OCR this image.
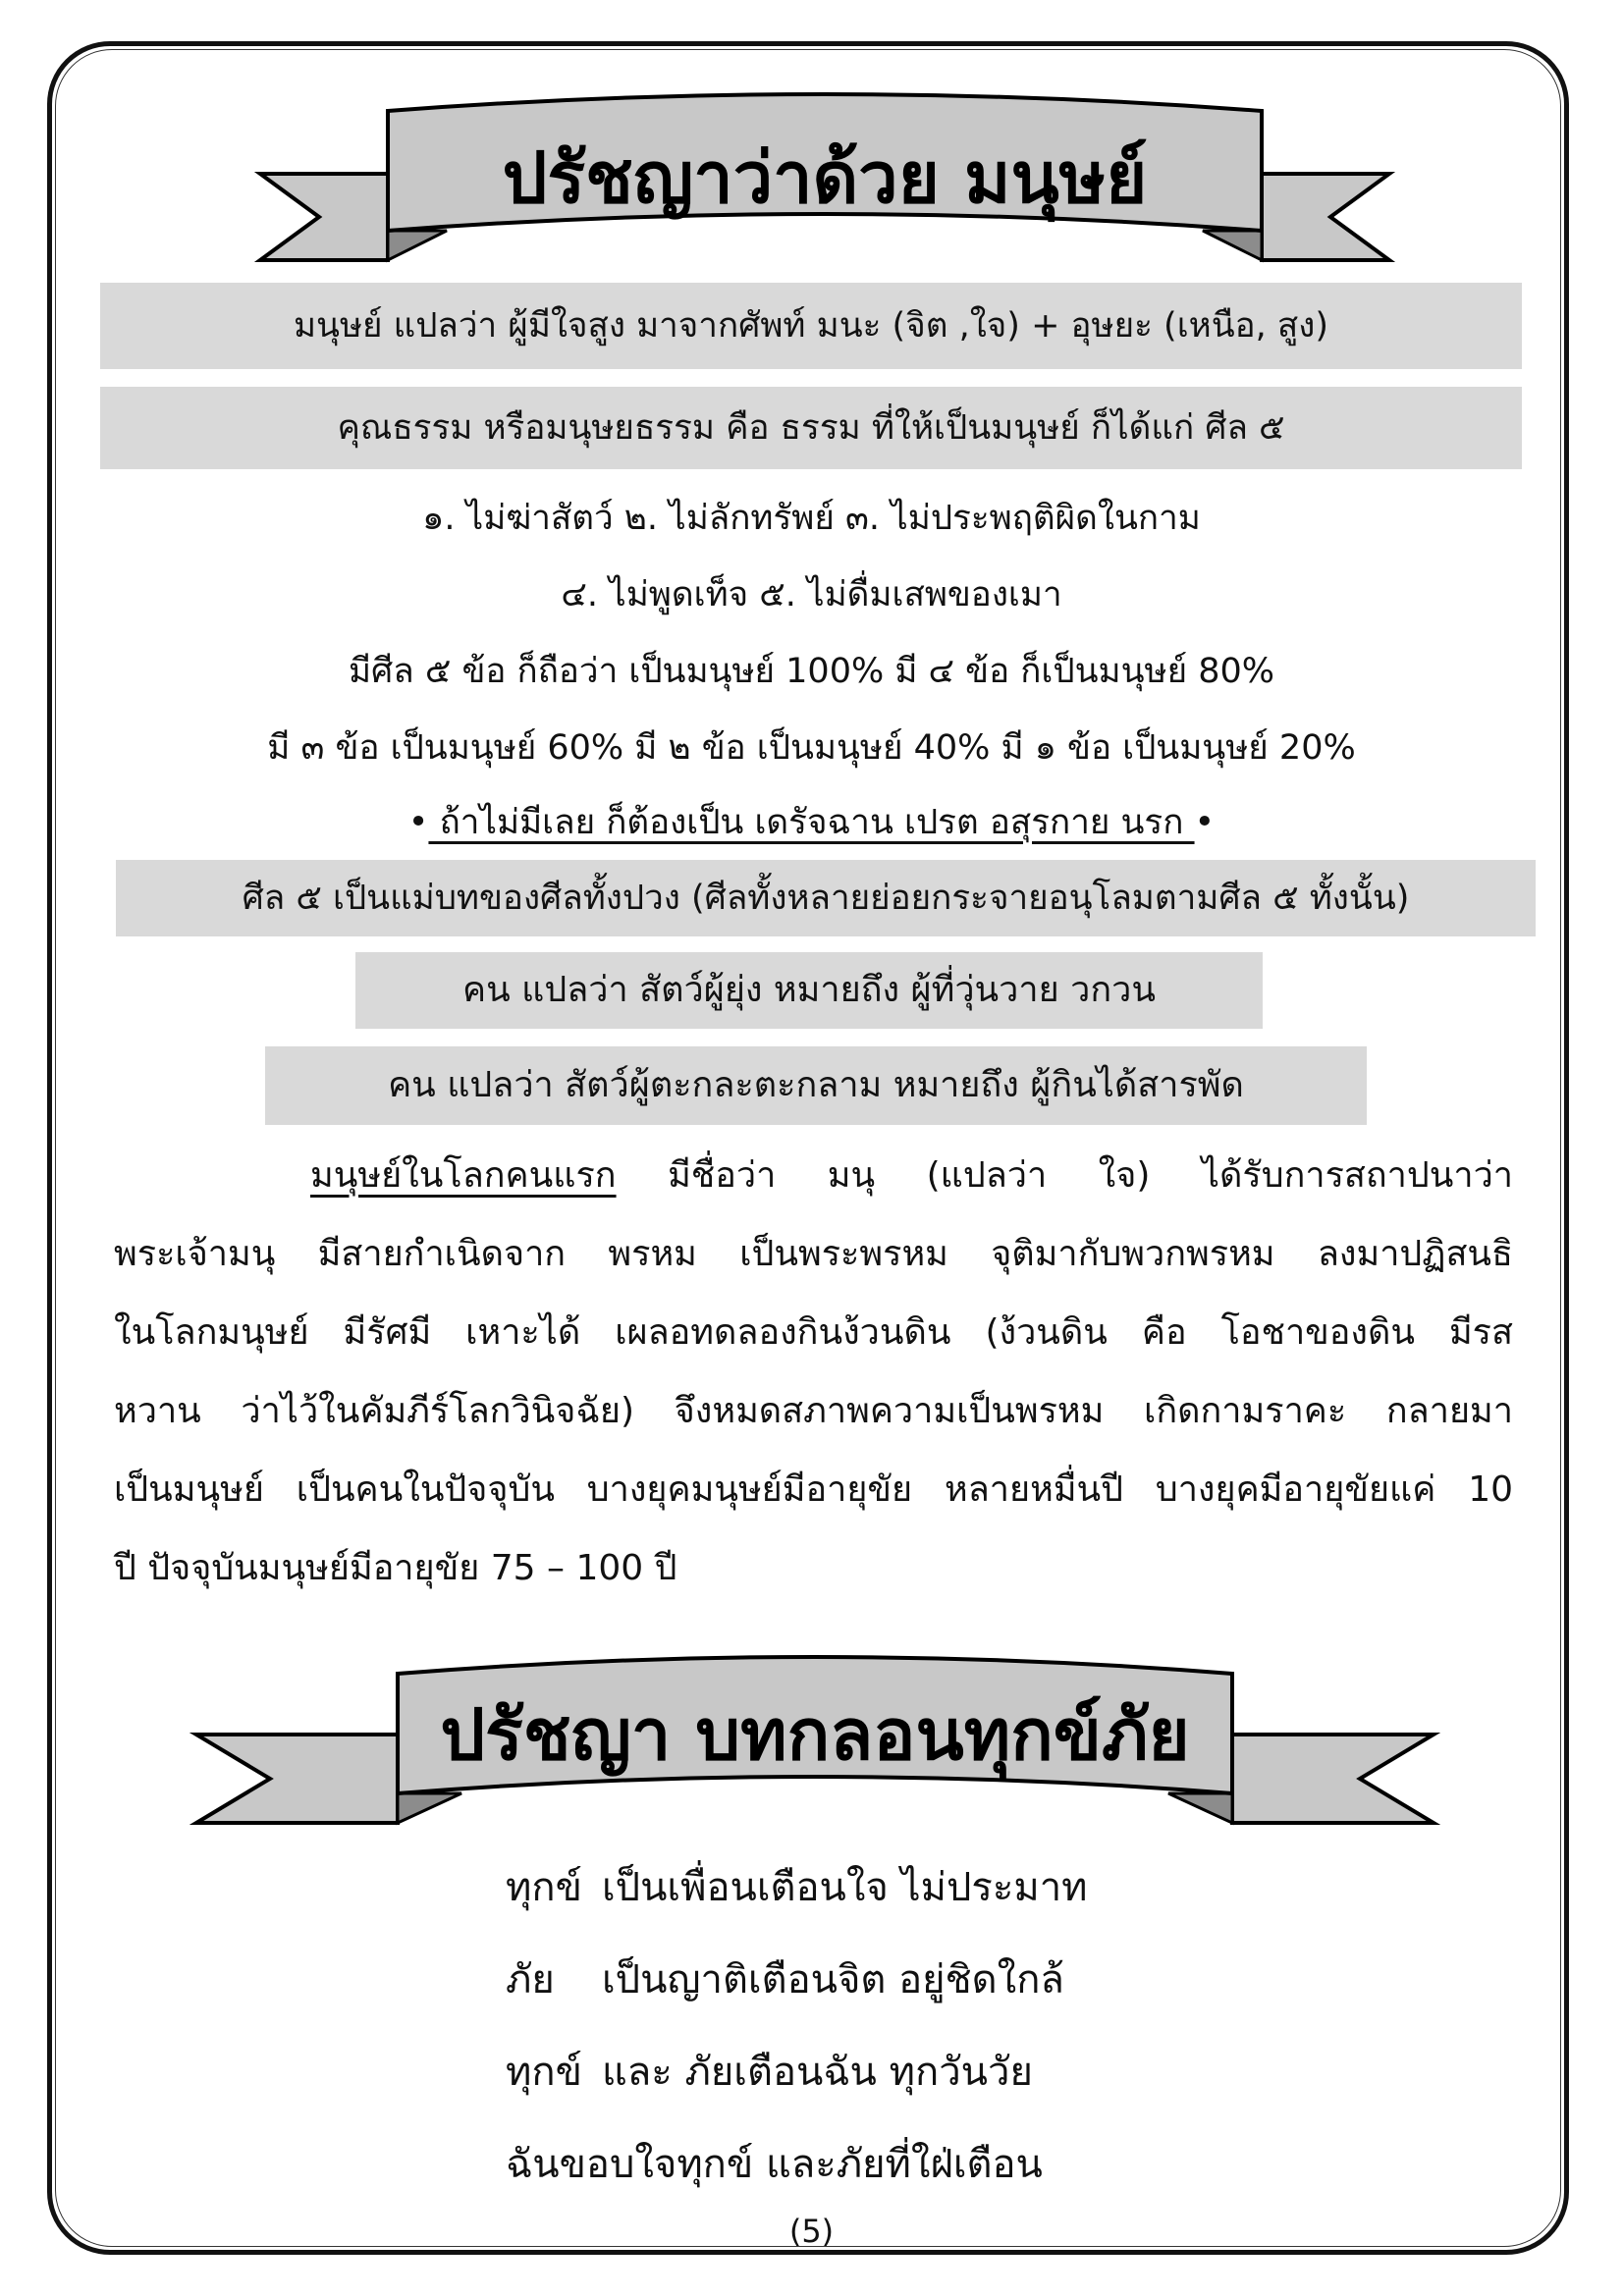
ปรัชญาว่าด้วย มนุษย์
มนุษย์ แปลว่า ผู้มีใจสูง มาจากศัพท์ มนะ (จิต ,ใจ) + อุษยะ (เหนือ, สูง)
คุณธรรม หรือมนุษยธรรม คือ ธรรม ที่ให้เป็นมนุษย์ ก็ได้แก่ ศีล ๕
๑. ไม่ฆ่าสัตว์ ๒. ไม่ลักทรัพย์ ๓. ไม่ประพฤติผิดในกาม
๔. ไม่พูดเท็จ ๕. ไม่ดื่มเสพของเมา
มีศีล ๕ ข้อ ก็ถือว่า เป็นมนุษย์ 100% มี ๔ ข้อ ก็เป็นมนุษย์ 80%
มี ๓ ข้อ เป็นมนุษย์ 60% มี ๒ ข้อ เป็นมนุษย์ 40% มี ๑ ข้อ เป็นมนุษย์ 20%
• ถ้าไม่มีเลย ก็ต้องเป็น เดรัจฉาน เปรต อสุรกาย นรก •
ศีล ๕ เป็นแม่บทของศีลทั้งปวง (ศีลทั้งหลายย่อยกระจายอนุโลมตามศีล ๕ ทั้งนั้น)
คน แปลว่า สัตว์ผู้ยุ่ง หมายถึง ผู้ที่วุ่นวาย วกวน
คน แปลว่า สัตว์ผู้ตะกละตะกลาม หมายถึง ผู้กินได้สารพัด
มนุษย์ในโลกคนแรก มีชื่อว่า มนุ (แปลว่า ใจ) ได้รับการสถาปนาว่า
พระเจ้ามนุ มีสายกำเนิดจาก พรหม เป็นพระพรหม จุติมากับพวกพรหม ลงมาปฏิสนธิ
ในโลกมนุษย์ มีรัศมี เหาะได้ เผลอทดลองกินง้วนดิน (ง้วนดิน คือ โอชาของดิน มีรส
หวาน ว่าไว้ในคัมภีร์โลกวินิจฉัย) จึงหมดสภาพความเป็นพรหม เกิดกามราคะ กลายมา
เป็นมนุษย์ เป็นคนในปัจจุบัน บางยุคมนุษย์มีอายุขัย หลายหมื่นปี บางยุคมีอายุขัยแค่ 10
ปี ปัจจุบันมนุษย์มีอายุขัย 75 – 100 ปี
ปรัชญา บทกลอนทุกข์ภัย
ทุกข์ เป็นเพื่อนเตือนใจ ไม่ประมาท
ภัย เป็นญาติเตือนจิต อยู่ชิดใกล้
ทุกข์ และ ภัยเตือนฉัน ทุกวันวัย
ฉันขอบใจทุกข์ และภัยที่ใฝ่เตือน
(5)
